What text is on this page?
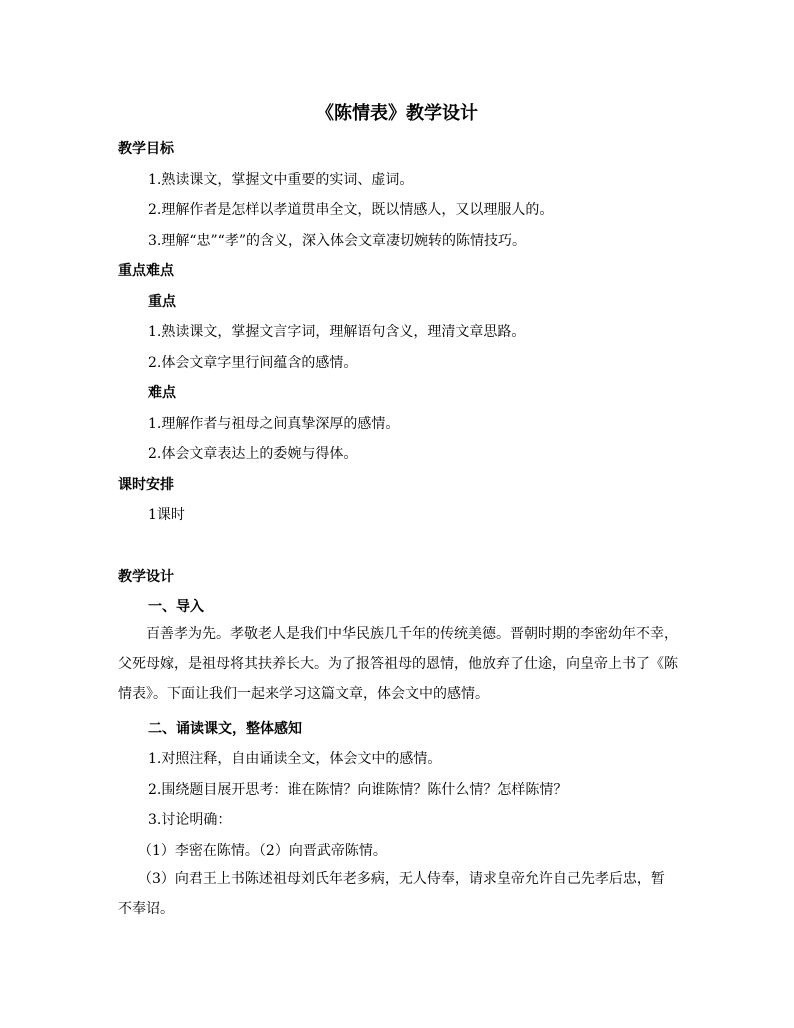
《陈情表》教学设计
教学目标
1.熟读课文，掌握文中重要的实词、虚词。
2.理解作者是怎样以孝道贯串全文，既以情感人，又以理服人的。
3.理解“忠”“孝”的含义，深入体会文章凄切婉转的陈情技巧。
重点难点
重点
1.熟读课文，掌握文言字词，理解语句含义，理清文章思路。
2.体会文章字里行间蕴含的感情。
难点
1.理解作者与祖母之间真挚深厚的感情。
2.体会文章表达上的委婉与得体。
课时安排
1课时
教学设计
一、导入
百善孝为先。孝敬老人是我们中华民族几千年的传统美德。晋朝时期的李密幼年不幸，父死母嫁，是祖母将其扶养长大。为了报答祖母的恩情，他放弃了仕途，向皇帝上书了《陈情表》。下面让我们一起来学习这篇文章，体会文中的感情。
二、诵读课文，整体感知
1.对照注释，自由诵读全文，体会文中的感情。
2.围绕题目展开思考：谁在陈情？向谁陈情？陈什么情？怎样陈情？
3.讨论明确：
（1）李密在陈情。（2）向晋武帝陈情。
（3）向君王上书陈述祖母刘氏年老多病，无人侍奉，请求皇帝允许自己先孝后忠，暂不奉诏。
